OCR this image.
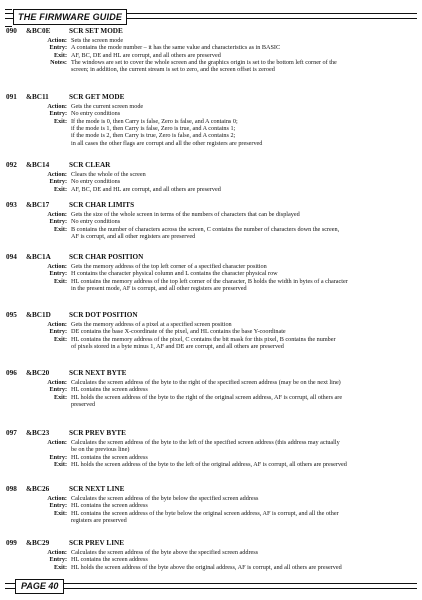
THE FIRMWARE GUIDE
090	&BC0E	SCR SET MODE
Action: Sets the screen mode
Entry: A contains the mode number – it has the same value and characteristics as in BASIC
Exit: AF, BC, DE and HL are corrupt, and all others are preserved
Notes: The windows are set to cover the whole screen and the graphics origin is set to the bottom left corner of the
screen; in addition, the current stream is set to zero, and the screen offset is zeroed
091	&BC11	SCR GET MODE
Action: Gets the current screen mode
Entry: No entry conditions
Exit: If the mode is 0, then Carry is false, Zero is false, and A contains 0;
if the mode is 1, then Carry is false, Zero is true, and A contains 1;
if the mode is 2, then Carry is true, Zero is false, and A contains 2;
in all cases the other flags are corrupt and all the other registers are preserved
092	&BC14	SCR CLEAR
Action: Clears the whole of the screen
Entry: No entry conditions
Exit: AF, BC, DE and HL are corrupt, and all others are preserved
093	&BC17	SCR CHAR LIMITS
Action: Gets the size of the whole screen in terms of the numbers of characters that can be displayed
Entry: No entry conditions
Exit: B contains the number of characters across the screen, C contains the number of characters down the screen,
AF is corrupt, and all other registers are preserved
094	&BC1A	SCR CHAR POSITION
Action: Gets the memory address of the top left corner of a specified character position
Entry: H contains the character physical column and L contains the character physical row
Exit: HL contains the memory address of the top left corner of the character, B holds the width in bytes of a character
in the present mode, AF is corrupt, and all other registers are preserved
095	&BC1D	SCR DOT POSITION
Action: Gets the memory address of a pixel at a specified screen position
Entry: DE contains the base X-coordinate of the pixel, and HL contains the base Y-coordinate
Exit: HL contains the memory address of the pixel, C contains the bit mask for this pixel, B contains the number
of pixels stored in a byte minus 1, AF and DE are corrupt, and all others are preserved
096	&BC20	SCR NEXT BYTE
Action: Calculates the screen address of the byte to the right of the specified screen address (may be on the next line)
Entry: HL contains the screen address
Exit: HL holds the screen address of the byte to the right of the original screen address, AF is corrupt, all others are
preserved
097	&BC23	SCR PREV BYTE
Action: Calculates the screen address of the byte to the left of the specified screen address (this address may actually
be on the previous line)
Entry: HL contains the screen address
Exit: HL holds the screen address of the byte to the left of the original address, AF is corrupt, all others are preserved
098	&BC26	SCR NEXT LINE
Action: Calculates the screen address of the byte below the specified screen address
Entry: HL contains the screen address
Exit: HL contains the screen address of the byte below the original screen address, AF is corrupt, and all the other
registers are preserved
099	&BC29	SCR PREV LINE
Action: Calculates the screen address of the byte above the specified screen address
Entry: HL contains the screen address
Exit: HL holds the screen address of the byte above the original address, AF is corrupt, and all others are preserved
PAGE 40
